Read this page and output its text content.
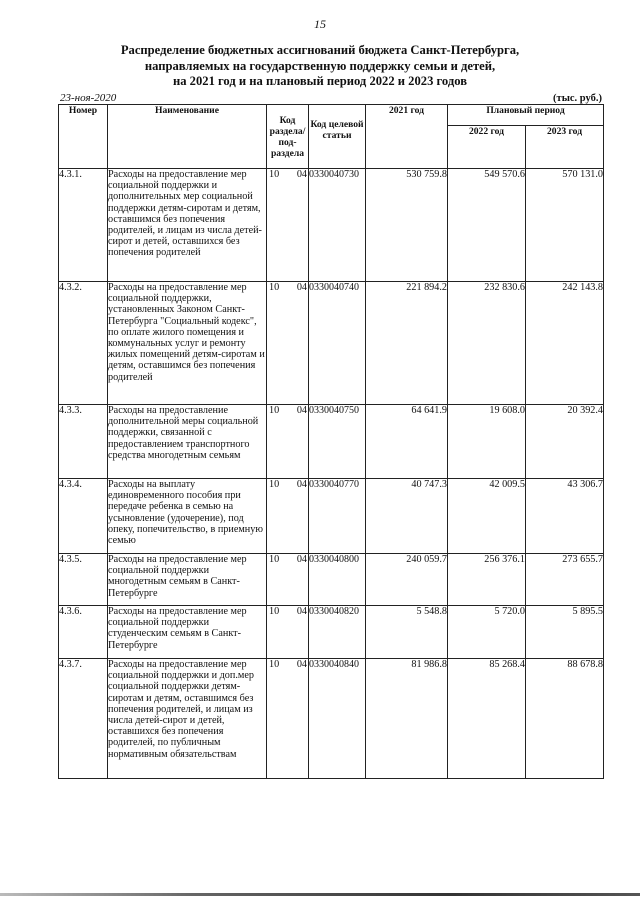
15
Распределение бюджетных ассигнований бюджета Санкт-Петербурга,
направляемых на государственную поддержку семьи и детей,
на 2021 год и на плановый период 2022 и 2023 годов
23-ноя-2020	(тыс. руб.)
Номер	Наименование	Код раздела/ под- раздела	Код целевой статьи	2021 год	Плановый период	
					2022 год	2023 год
4.3.1.	Расходы на предоставление мер социальной поддержки и дополнительных мер социальной поддержки детям-сиротам и детям, оставшимся без попечения родителей, и лицам из числа детей-сирот и детей, оставшихся без попечения родителей	10 04	0330040730	530 759.8	549 570.6	570 131.0
4.3.2.	Расходы на предоставление мер социальной поддержки, установленных Законом Санкт-Петербурга "Социальный кодекс", по оплате жилого помещения и коммунальных услуг и ремонту жилых помещений детям-сиротам и детям, оставшимся без попечения родителей	10 04	0330040740	221 894.2	232 830.6	242 143.8
4.3.3.	Расходы на предоставление дополнительной меры социальной поддержки, связанной с предоставлением транспортного средства многодетным семьям	10 04	0330040750	64 641.9	19 608.0	20 392.4
4.3.4.	Расходы на выплату единовременного пособия при передаче ребенка в семью на усыновление (удочерение), под опеку, попечительство, в приемную семью	10 04	0330040770	40 747.3	42 009.5	43 306.7
4.3.5.	Расходы на предоставление мер социальной поддержки многодетным семьям в Санкт-Петербурге	10 04	0330040800	240 059.7	256 376.1	273 655.7
4.3.6.	Расходы на предоставление мер социальной поддержки студенческим семьям в Санкт-Петербурге	10 04	0330040820	5 548.8	5 720.0	5 895.5
4.3.7.	Расходы на предоставление мер социальной поддержки и доп.мер социальной поддержки детям-сиротам и детям, оставшимся без попечения родителей, и лицам из числа детей-сирот и детей, оставшихся без попечения родителей, по публичным нормативным обязательствам	10 04	0330040840	81 986.8	85 268.4	88 678.8
